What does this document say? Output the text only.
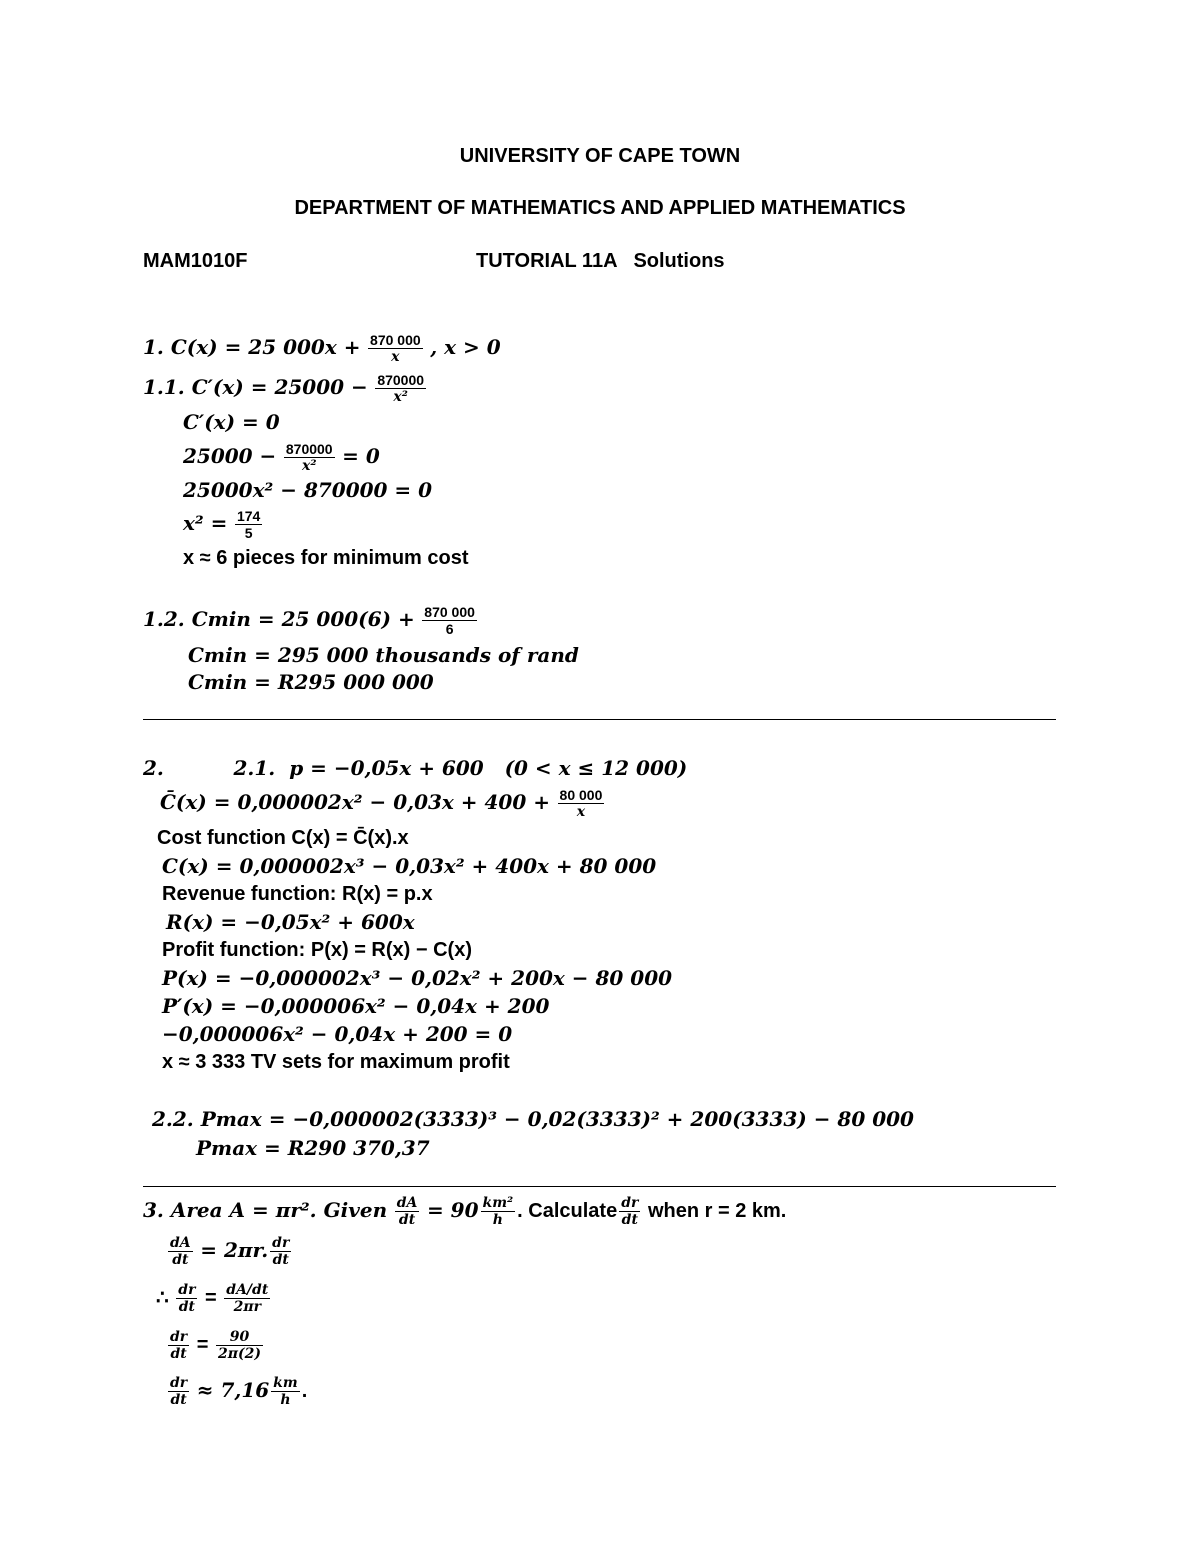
UNIVERSITY OF CAPE TOWN
DEPARTMENT OF MATHEMATICS AND APPLIED MATHEMATICS
MAM1010F	TUTORIAL 11A   Solutions
1. C(x) = 25 $000x + \frac{870 000}{x}$ , x > 0
1.1. $C'(x) = 25000 - \frac{870000}{\text{x²}}$
C′(x) = 0
$25000 - \frac{870000}{\text{x²}} = 0$
25000x² − 870000 = 0
$x^2 = \frac{174}{5}$
x ≈ 6 pieces for minimum cost
1.2. Cmin = 25 $000(6) + \frac{870 000}{6}$
Cmin = 295 000 thousands of rand
Cmin = R295 000 000
2.          2.1.  p = −0,05x + 600   (0 < x ≤ 12 000)
C̄(x) = $0,000002x^2 - 0,03x + 400 + \frac{80 000}{x}$
Cost function C(x) = C̄(x).x
C(x) = 0,000002x³ − 0,03x² + 400x + 80 000
Revenue function: R(x) = p.x
R(x) = −0,05x² + 600x
Profit function: P(x) = R(x) − C(x)
P(x) = −0,000002x³ − 0,02x² + 200x − 80 000
P′(x) = −0,000006x² − 0,04x + 200
−0,000006x² − 0,04x + 200 = 0
x ≈ 3 333 TV sets for maximum profit
2.2. Pmax = −0,000002(3333)³ − 0,02(3333)² + 200(3333) − 80 000
Pmax = R290 370,37
3. Area A = πr². Given $\frac{dA}{dt} = 90 \frac{\text{km²}}{h}$ . Calculate $\frac{dr}{dt}$ when r = 2 km.
$\frac{dA}{dt} = 2\pi r$. $\frac{dr}{dt}$
∴ $\frac{dr}{dt} = \frac{dA/dt}{2\pi r}$
$\frac{dr}{dt} = \frac{90}{2\pi(2)}$
$\frac{dr}{dt} \approx 7,16 \frac{km}{h}$ .
